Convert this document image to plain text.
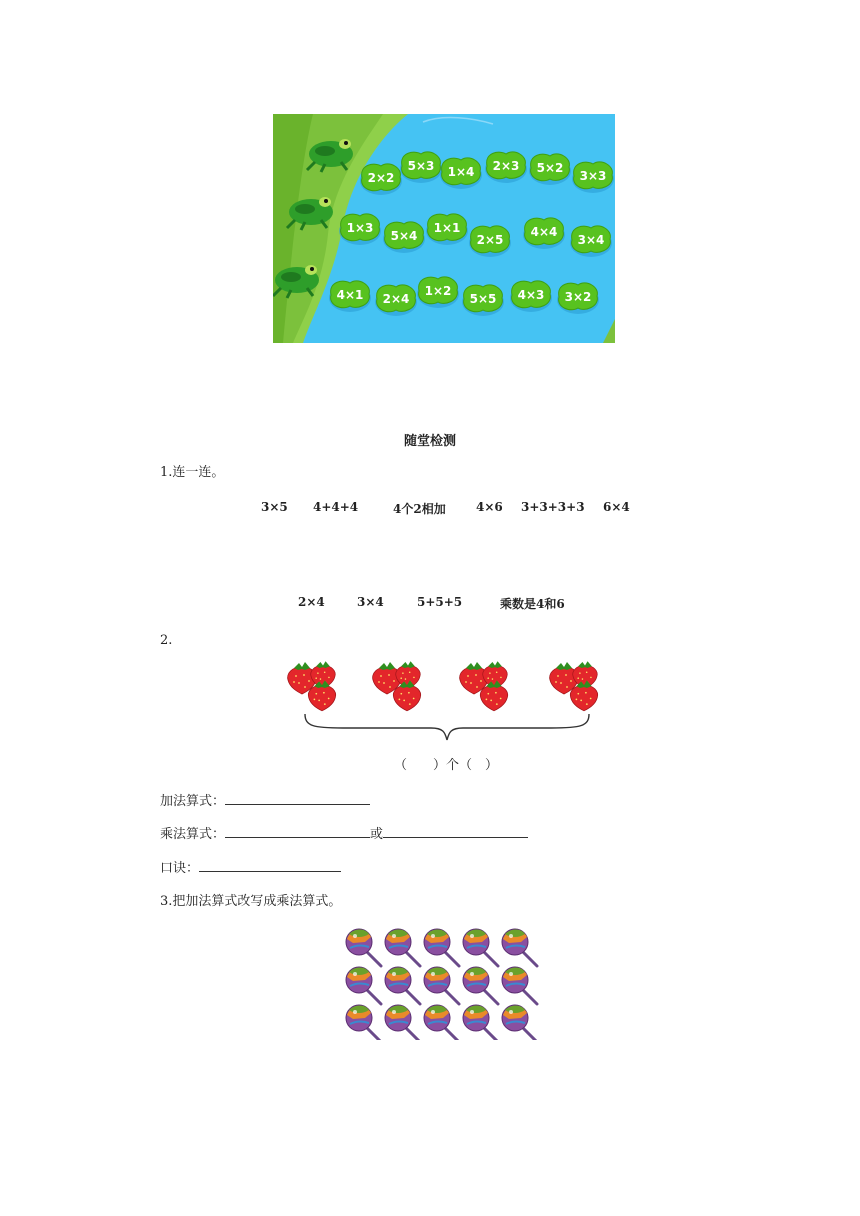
2×2
5×3 1×4 2×3 5×2
3×3
1×3
5×4
1×1
2×5
4×4
3×4
4×1 2×4
1×2
5×5 4×3 3×2
随堂检测
1.连一连。
3×5 4+4+4	4个2相加	4×6 3+3+3+3 6×4
2×4	3×4	5+5+5	乘数是4和6
2.
（　　）个（　）
加法算式：
乘法算式：	或
口诀：
3.把加法算式改写成乘法算式。
